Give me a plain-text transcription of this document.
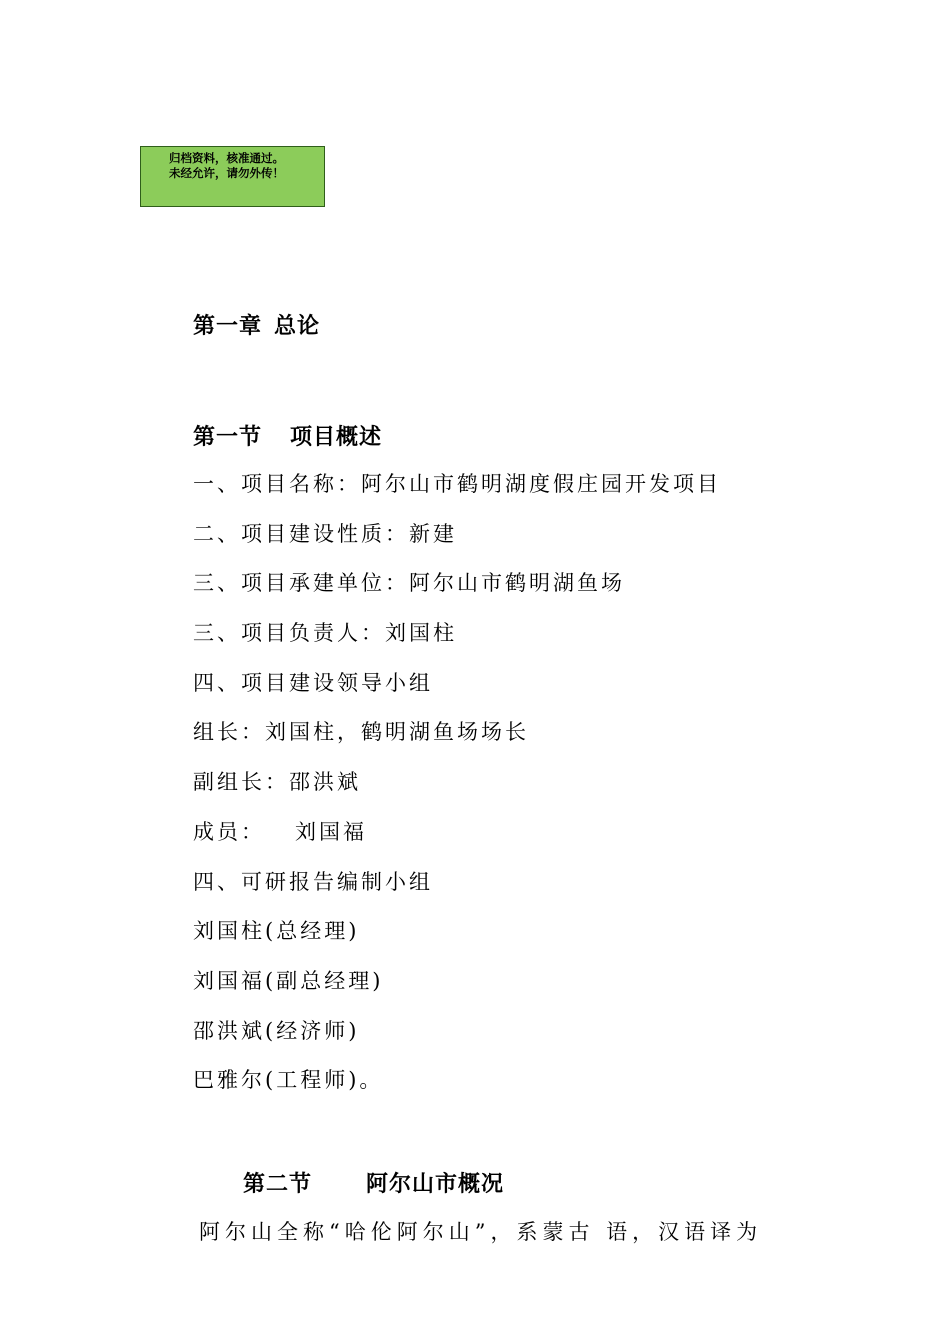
归档资料，核准通过。
未经允许，请勿外传！
第一章 总论
第一节 项目概述
一、项目名称：阿尔山市鹤明湖度假庄园开发项目
二、项目建设性质：新建
三、项目承建单位：阿尔山市鹤明湖鱼场
三、项目负责人：刘国柱
四、项目建设领导小组
组长：刘国柱，鹤明湖鱼场场长
副组长：邵洪斌
成员： 刘国福
四、可研报告编制小组
刘国柱(总经理)
刘国福(副总经理)
邵洪斌(经济师)
巴雅尔(工程师)。
第二节 阿尔山市概况
阿尔山全称“哈伦阿尔山”，系蒙古 语，汉语译为
